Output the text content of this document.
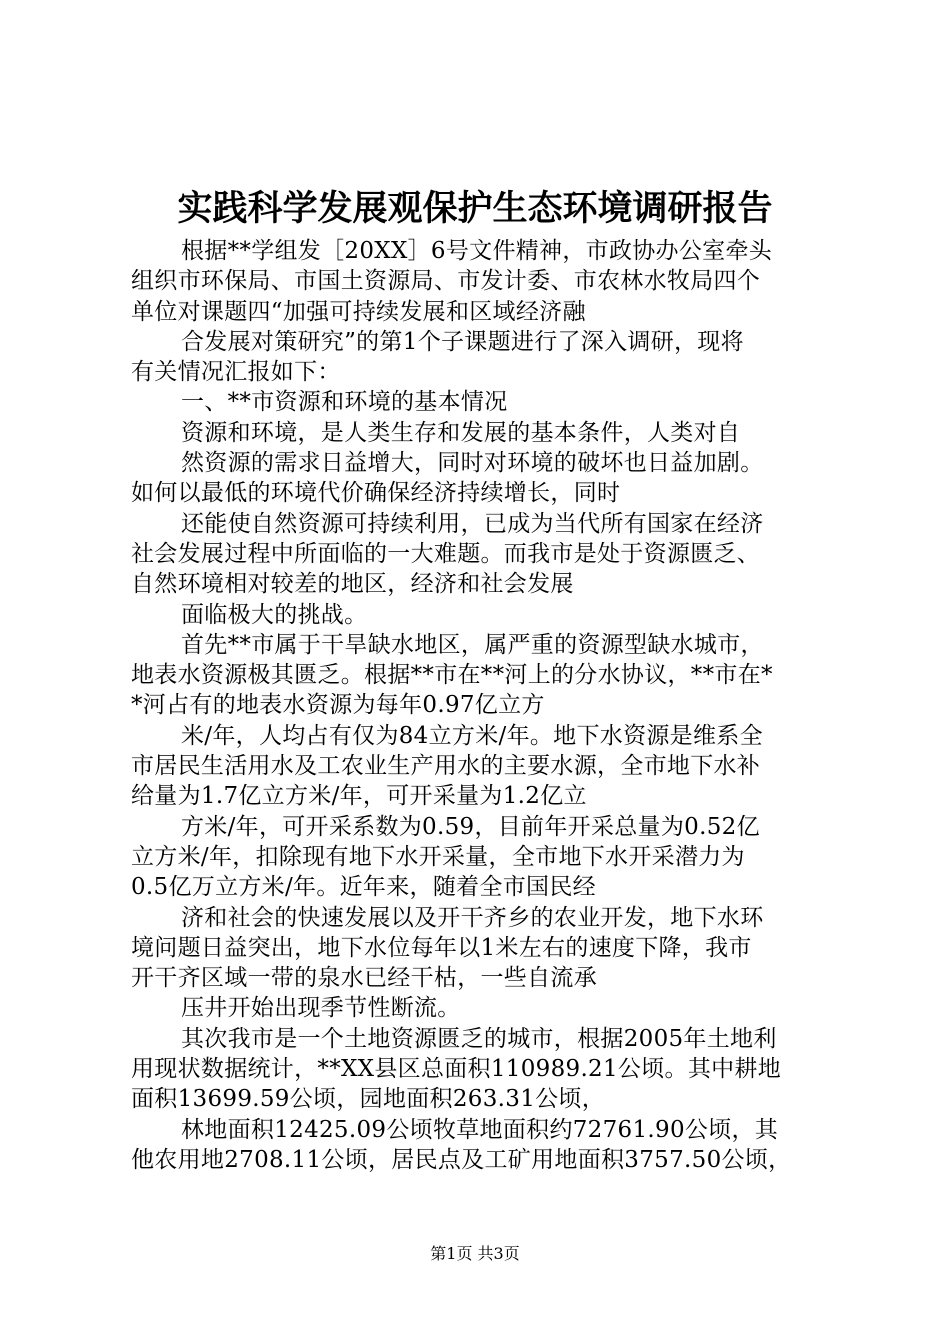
实践科学发展观保护生态环境调研报告
根据**学组发［20XX］6号文件精神，市政协办公室牵头
组织市环保局、市国土资源局、市发计委、市农林水牧局四个
单位对课题四“加强可持续发展和区域经济融
合发展对策研究”的第1个子课题进行了深入调研，现将
有关情况汇报如下：
一、**市资源和环境的基本情况
资源和环境，是人类生存和发展的基本条件，人类对自
然资源的需求日益增大，同时对环境的破坏也日益加剧。
如何以最低的环境代价确保经济持续增长，同时
还能使自然资源可持续利用，已成为当代所有国家在经济
社会发展过程中所面临的一大难题。而我市是处于资源匮乏、
自然环境相对较差的地区，经济和社会发展
面临极大的挑战。
首先**市属于干旱缺水地区，属严重的资源型缺水城市，
地表水资源极其匮乏。根据**市在**河上的分水协议，**市在*
*河占有的地表水资源为每年0.97亿立方
米/年，人均占有仅为84立方米/年。地下水资源是维系全
市居民生活用水及工农业生产用水的主要水源，全市地下水补
给量为1.7亿立方米/年，可开采量为1.2亿立
方米/年，可开采系数为0.59，目前年开采总量为0.52亿
立方米/年，扣除现有地下水开采量，全市地下水开采潜力为
0.5亿万立方米/年。近年来，随着全市国民经
济和社会的快速发展以及开干齐乡的农业开发，地下水环
境问题日益突出，地下水位每年以1米左右的速度下降，我市
开干齐区域一带的泉水已经干枯，一些自流承
压井开始出现季节性断流。
其次我市是一个土地资源匮乏的城市，根据2005年土地利
用现状数据统计，**XX县区总面积110989.21公顷。其中耕地
面积13699.59公顷，园地面积263.31公顷，
林地面积12425.09公顷牧草地面积约72761.90公顷，其
他农用地2708.11公顷，居民点及工矿用地面积3757.50公顷，
第1页 共3页
